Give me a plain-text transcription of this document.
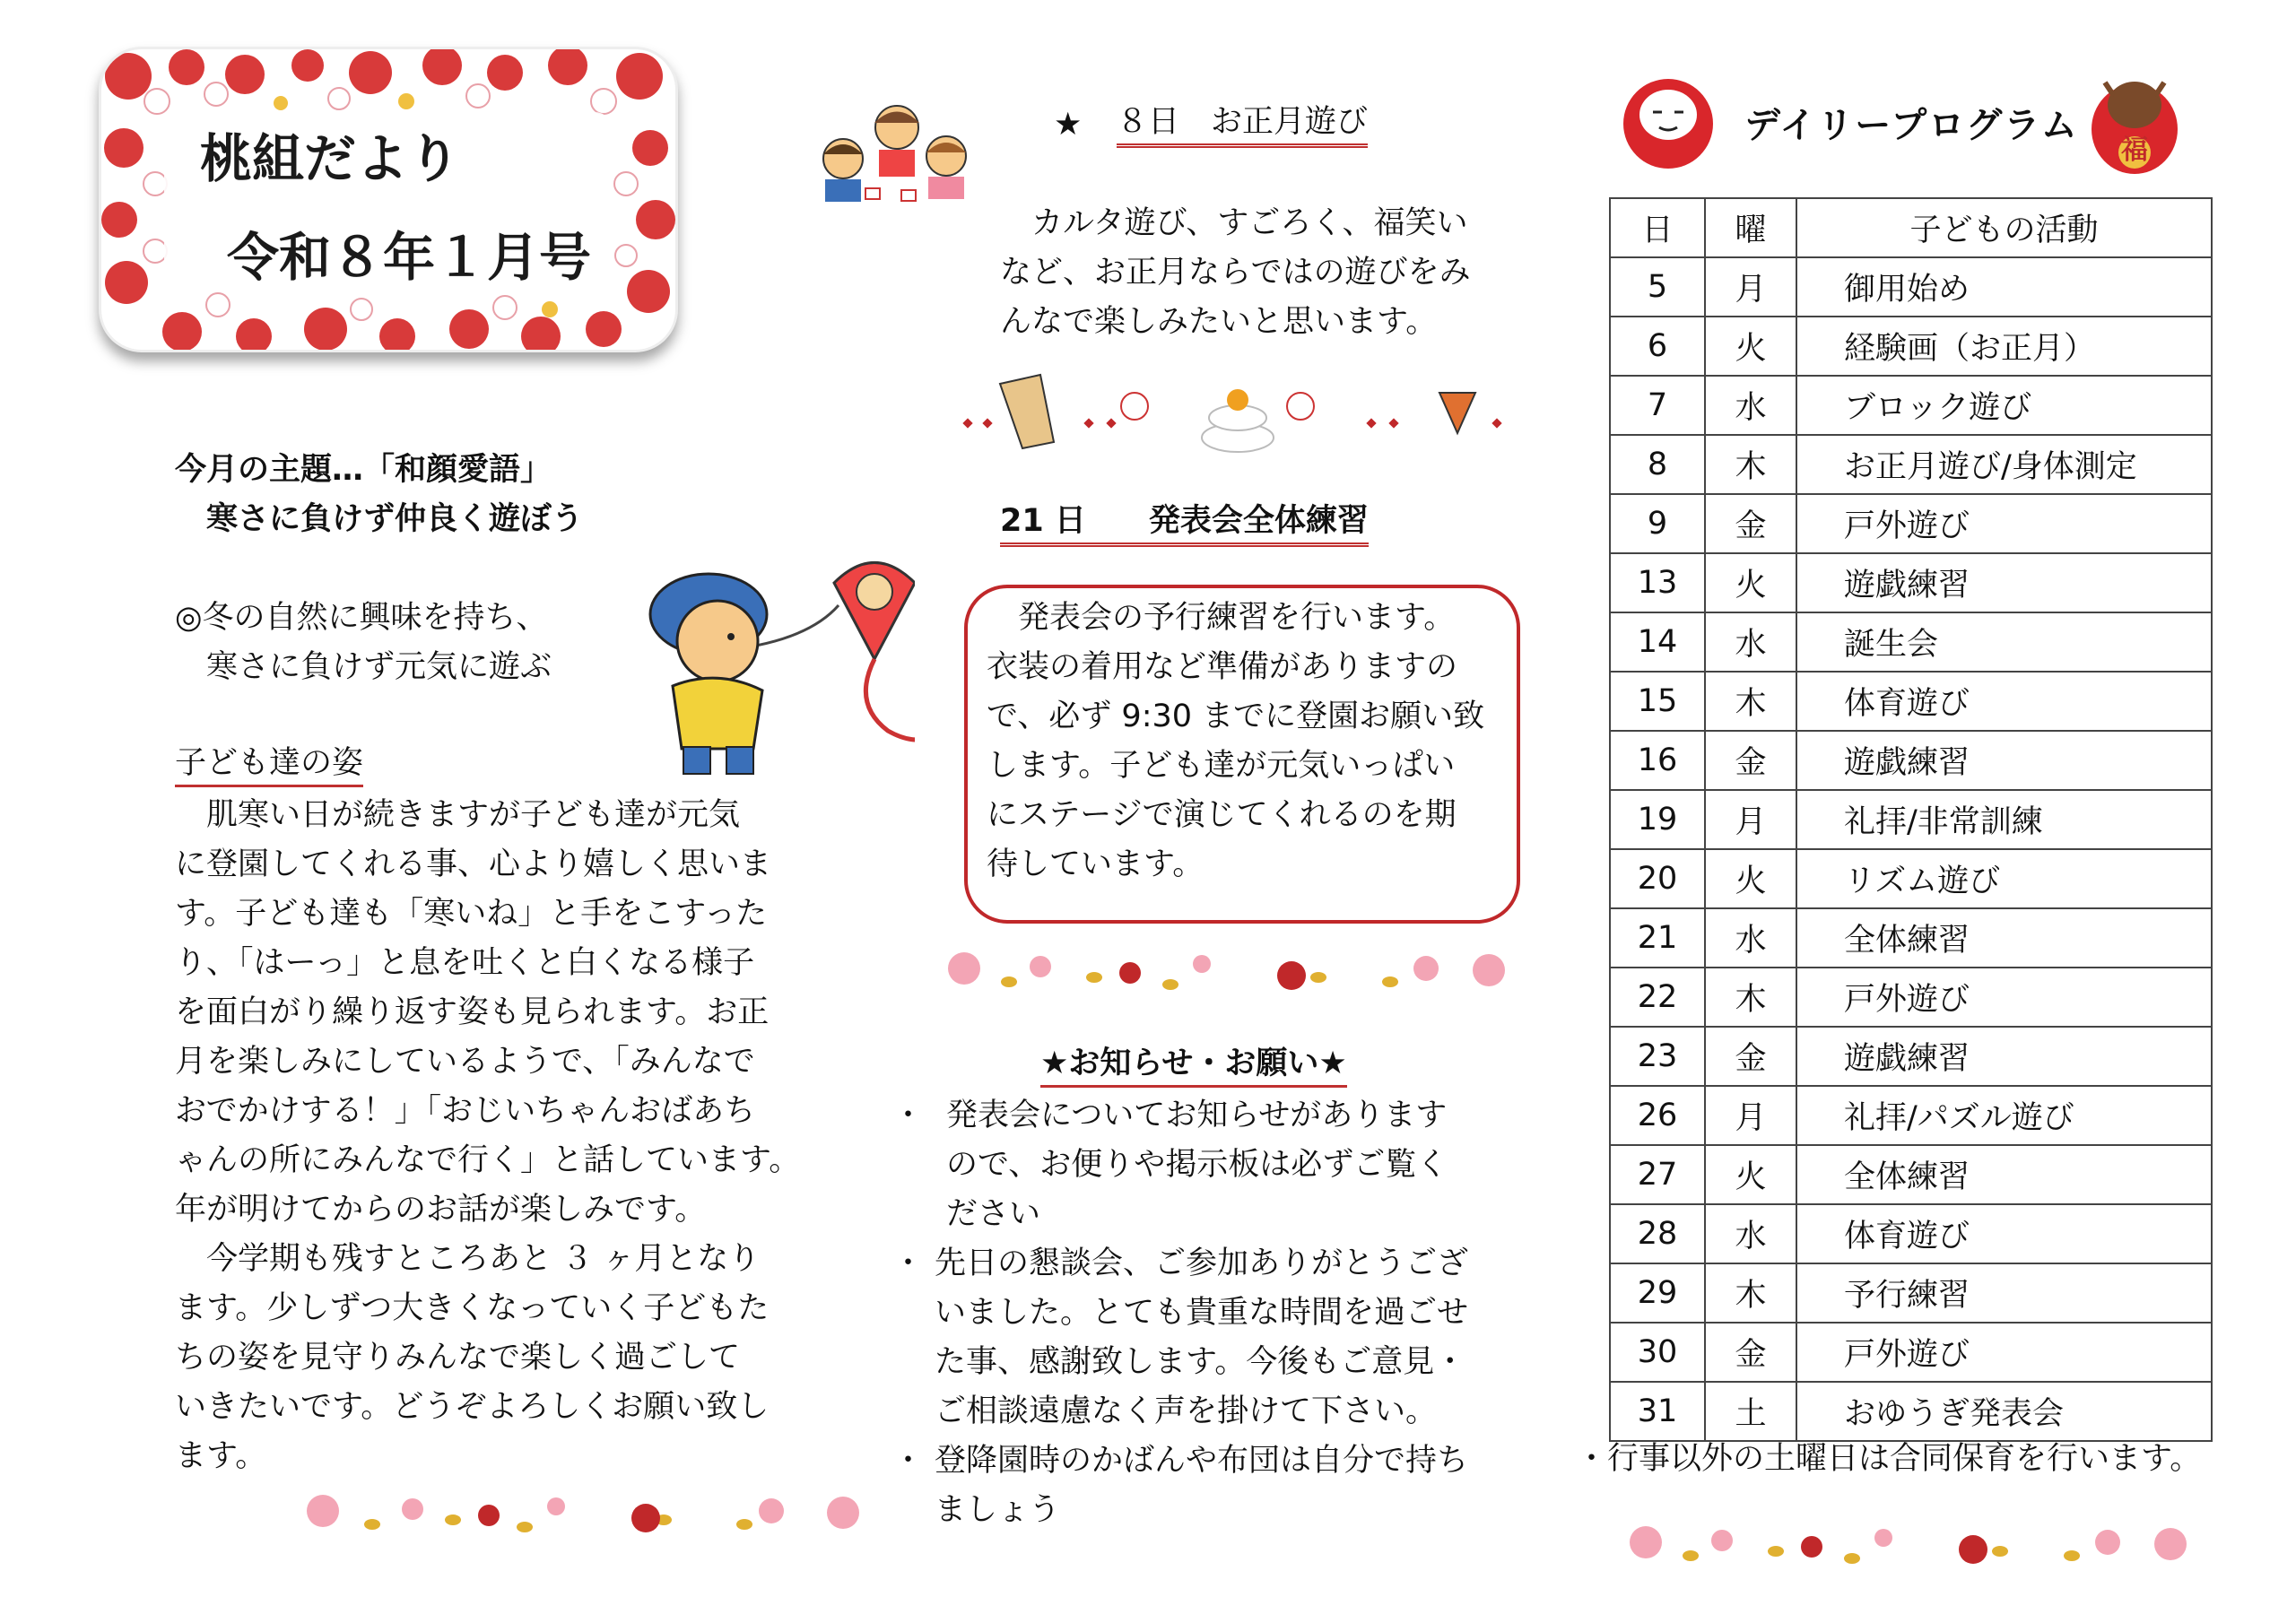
桃組だより
令和８年１月号
今月の主題…「和顔愛語」
寒さに負けず仲良く遊ぼう
◎冬の自然に興味を持ち、
寒さに負けず元気に遊ぶ
子ども達の姿
肌寒い日が続きますが子ども達が元気
に登園してくれる事、心より嬉しく思いま
す。子ども達も「寒いね」と手をこすった
り、「はーっ」と息を吐くと白くなる様子
を面白がり繰り返す姿も見られます。お正
月を楽しみにしているようで、「みんなで
おでかけする！」「おじいちゃんおばあち
ゃんの所にみんなで行く」と話しています。
年が明けてからのお話が楽しみです。
今学期も残すところあと ３ ヶ月となり
ます。少しずつ大きくなっていく子どもた
ちの姿を見守りみんなで楽しく過ごして
いきたいです。どうぞよろしくお願い致し
ます。
★ ８日　お正月遊び
カルタ遊び、すごろく、福笑い
など、お正月ならではの遊びをみ
んなで楽しみたいと思います。
21 日　　発表会全体練習
発表会の予行練習を行います。
衣装の着用など準備がありますの
で、必ず 9:30 までに登園お願い致
します。子ども達が元気いっぱい
にステージで演じてくれるのを期
待しています。
★お知らせ・お願い★
・ 発表会についてお知らせがあります
ので、お便りや掲示板は必ずご覧く
ださい
・ 先日の懇談会、ご参加ありがとうござ
いました。とても貴重な時間を過ごせ
た事、感謝致します。今後もご意見・
ご相談遠慮なく声を掛けて下さい。
・ 登降園時のかばんや布団は自分で持ち
ましょう
デイリープログラム
福
日	曜	子どもの活動
5	月	御用始め
6	火	経験画（お正月）
7	水	ブロック遊び
8	木	お正月遊び/身体測定
9	金	戸外遊び
13	火	遊戯練習
14	水	誕生会
15	木	体育遊び
16	金	遊戯練習
19	月	礼拝/非常訓練
20	火	リズム遊び
21	水	全体練習
22	木	戸外遊び
23	金	遊戯練習
26	月	礼拝/パズル遊び
27	火	全体練習
28	水	体育遊び
29	木	予行練習
30	金	戸外遊び
31	土	おゆうぎ発表会
・行事以外の土曜日は合同保育を行います。
